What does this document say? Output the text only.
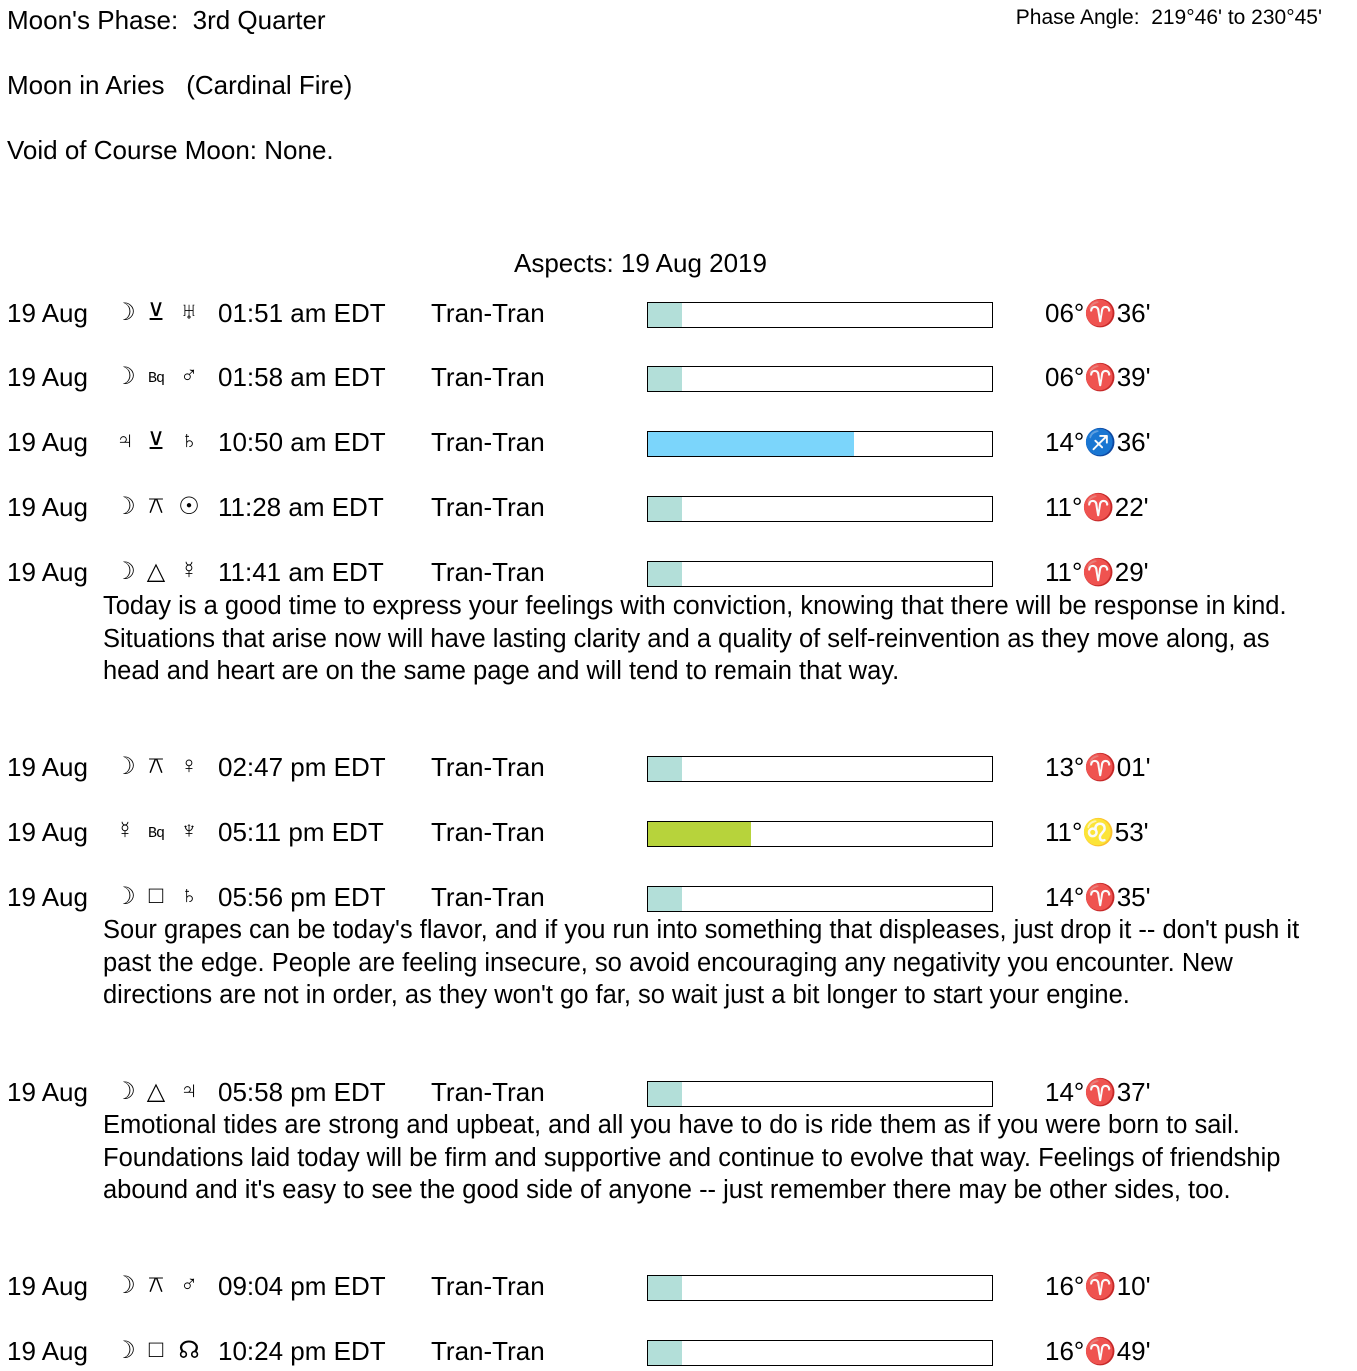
Moon's Phase:  3rd Quarter
Moon in Aries   (Cardinal Fire)
Void of Course Moon: None.
Phase Angle:  219°46' to 230°45'
Aspects: 19 Aug 2019
19 Aug ☽ ⊻ ♅ 01:51 am EDT Tran-Tran	06°♈36'
19 Aug ☽ Bq ♂ 01:58 am EDT Tran-Tran	06°♈39'
19 Aug ♃ ⊻ ♄ 10:50 am EDT Tran-Tran	14°♐36'
19 Aug ☽ ⚻ ☉ 11:28 am EDT Tran-Tran	11°♈22'
19 Aug ☽ △ ☿ 11:41 am EDT Tran-Tran	11°♈29'
Today is a good time to express your feelings with conviction, knowing that there will be response in kind. Situations that arise now will have lasting clarity and a quality of self-reinvention as they move along, as head and heart are on the same page and will tend to remain that way.
19 Aug ☽ ⚻ ♀ 02:47 pm EDT Tran-Tran	13°♈01'
19 Aug ☿ Bq ♆ 05:11 pm EDT Tran-Tran	11°♌53'
19 Aug ☽ □ ♄ 05:56 pm EDT Tran-Tran	14°♈35'
Sour grapes can be today's flavor, and if you run into something that displeases, just drop it -- don't push it past the edge. People are feeling insecure, so avoid encouraging any negativity you encounter. New directions are not in order, as they won't go far, so wait just a bit longer to start your engine.
19 Aug ☽ △ ♃ 05:58 pm EDT Tran-Tran	14°♈37'
Emotional tides are strong and upbeat, and all you have to do is ride them as if you were born to sail. Foundations laid today will be firm and supportive and continue to evolve that way. Feelings of friendship abound and it's easy to see the good side of anyone -- just remember there may be other sides, too.
19 Aug ☽ ⚻ ♂ 09:04 pm EDT Tran-Tran	16°♈10'
19 Aug ☽ □ ☊ 10:24 pm EDT Tran-Tran	16°♈49'
